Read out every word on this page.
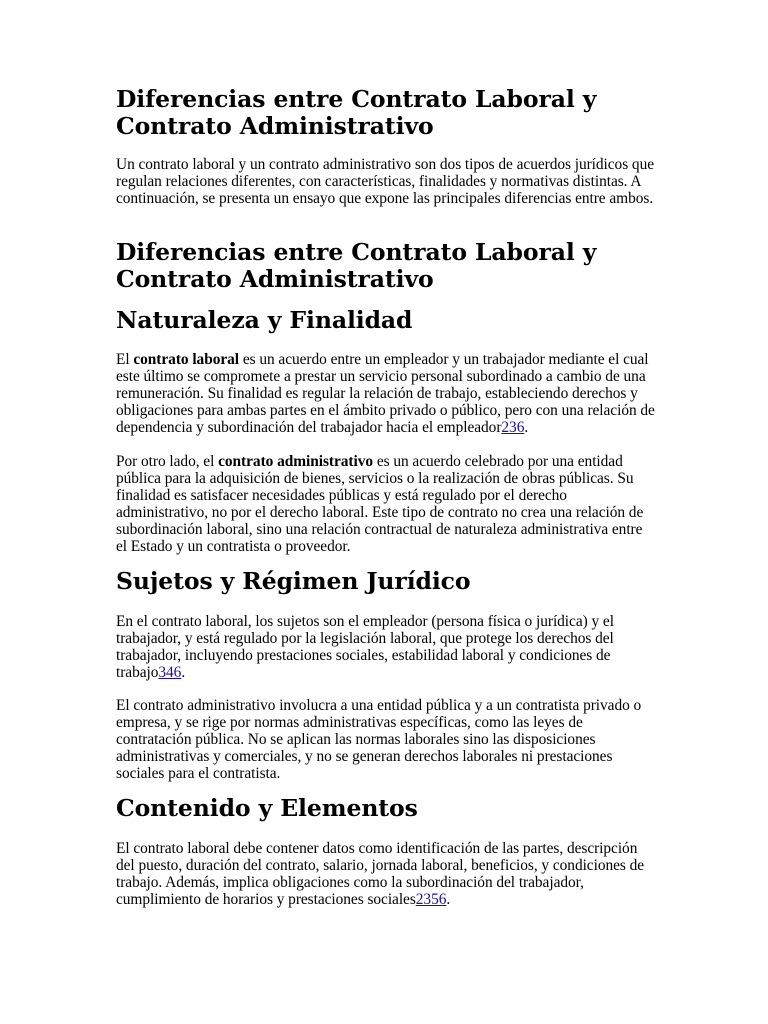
Diferencias entre Contrato Laboral y Contrato Administrativo

Un contrato laboral y un contrato administrativo son dos tipos de acuerdos jurídicos que regulan relaciones diferentes, con características, finalidades y normativas distintas. A continuación, se presenta un ensayo que expone las principales diferencias entre ambos.

Diferencias entre Contrato Laboral y Contrato Administrativo
Naturaleza y Finalidad

El contrato laboral es un acuerdo entre un empleador y un trabajador mediante el cual este último se compromete a prestar un servicio personal subordinado a cambio de una remuneración. Su finalidad es regular la relación de trabajo, estableciendo derechos y obligaciones para ambas partes en el ámbito privado o público, pero con una relación de dependencia y subordinación del trabajador hacia el empleador236.

Por otro lado, el contrato administrativo es un acuerdo celebrado por una entidad pública para la adquisición de bienes, servicios o la realización de obras públicas. Su finalidad es satisfacer necesidades públicas y está regulado por el derecho administrativo, no por el derecho laboral. Este tipo de contrato no crea una relación de subordinación laboral, sino una relación contractual de naturaleza administrativa entre el Estado y un contratista o proveedor.

Sujetos y Régimen Jurídico

En el contrato laboral, los sujetos son el empleador (persona física o jurídica) y el trabajador, y está regulado por la legislación laboral, que protege los derechos del trabajador, incluyendo prestaciones sociales, estabilidad laboral y condiciones de trabajo346.

El contrato administrativo involucra a una entidad pública y a un contratista privado o empresa, y se rige por normas administrativas específicas, como las leyes de contratación pública. No se aplican las normas laborales sino las disposiciones administrativas y comerciales, y no se generan derechos laborales ni prestaciones sociales para el contratista.

Contenido y Elementos

El contrato laboral debe contener datos como identificación de las partes, descripción del puesto, duración del contrato, salario, jornada laboral, beneficios, y condiciones de trabajo. Además, implica obligaciones como la subordinación del trabajador, cumplimiento de horarios y prestaciones sociales2356.
